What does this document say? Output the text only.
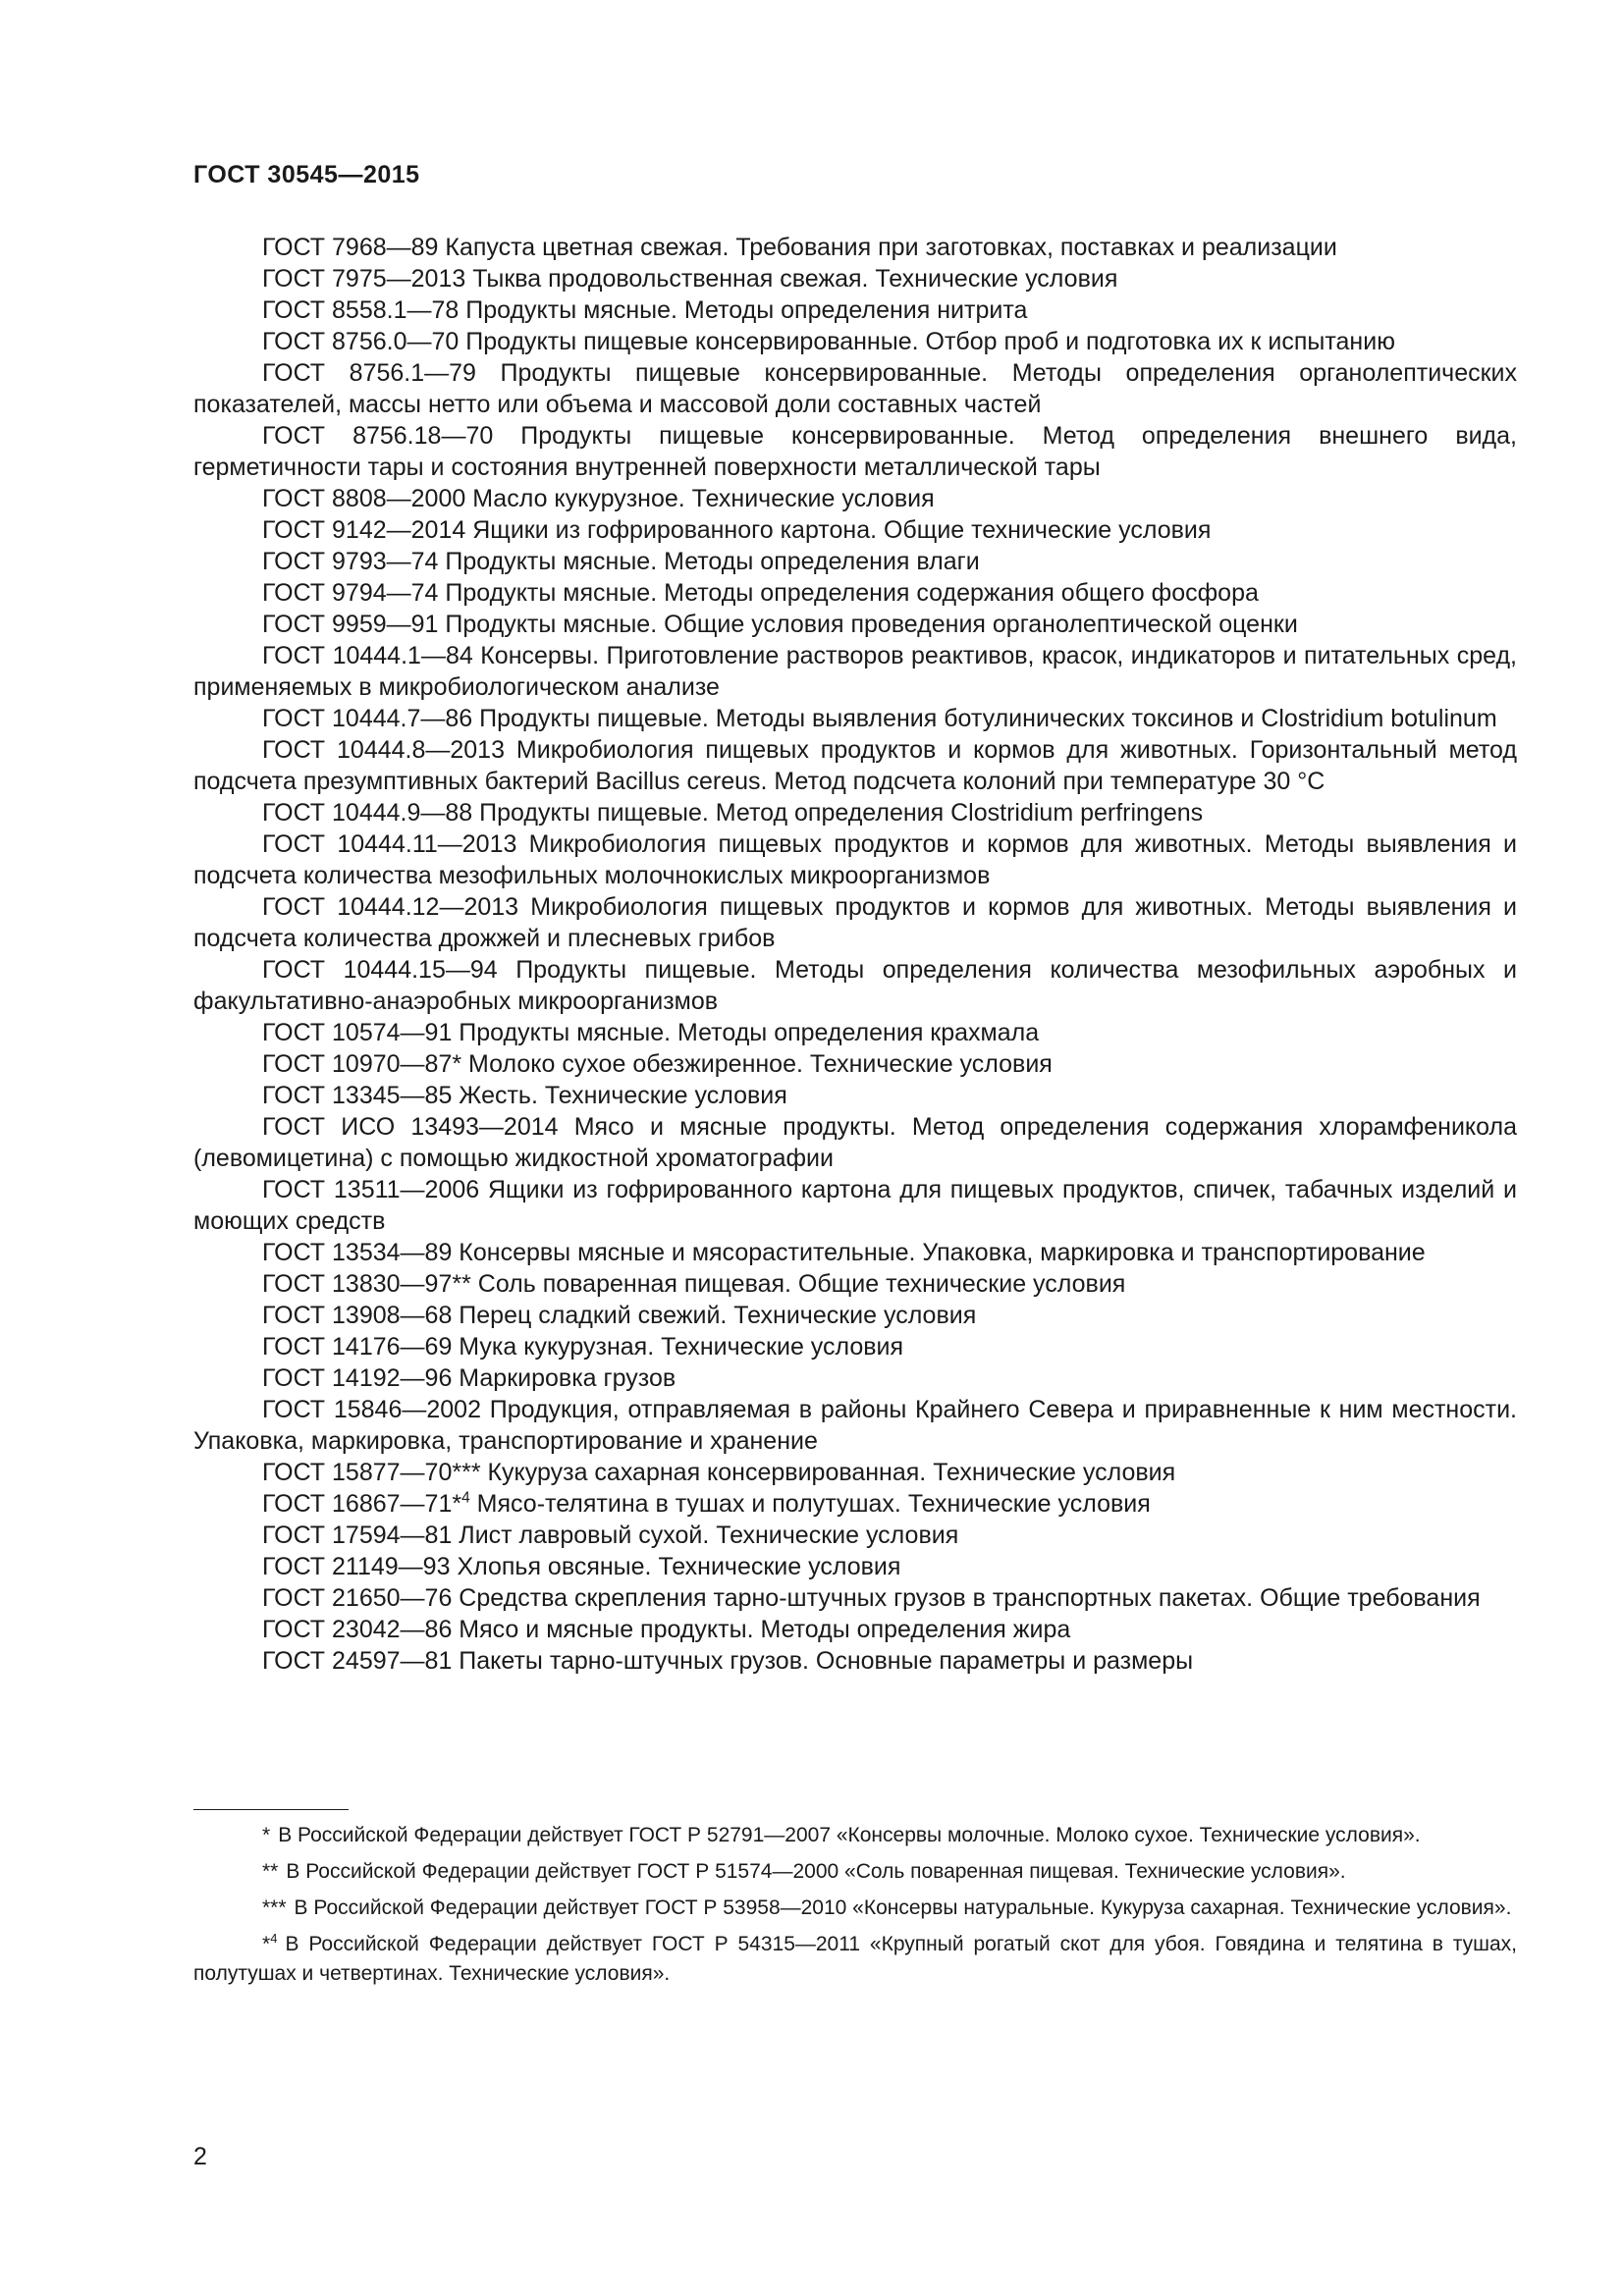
ГОСТ 30545—2015

ГОСТ 7968—89 Капуста цветная свежая. Требования при заготовках, поставках и реализации

ГОСТ 7975—2013 Тыква продовольственная свежая. Технические условия

ГОСТ 8558.1—78 Продукты мясные. Методы определения нитрита

ГОСТ 8756.0—70 Продукты пищевые консервированные. Отбор проб и подготовка их к испытанию

ГОСТ 8756.1—79 Продукты пищевые консервированные. Методы определения органолептических показателей, массы нетто или объема и массовой доли составных частей

ГОСТ 8756.18—70 Продукты пищевые консервированные. Метод определения внешнего вида, герметичности тары и состояния внутренней поверхности металлической тары

ГОСТ 8808—2000 Масло кукурузное. Технические условия

ГОСТ 9142—2014 Ящики из гофрированного картона. Общие технические условия

ГОСТ 9793—74 Продукты мясные. Методы определения влаги

ГОСТ 9794—74 Продукты мясные. Методы определения содержания общего фосфора

ГОСТ 9959—91 Продукты мясные. Общие условия проведения органолептической оценки

ГОСТ 10444.1—84 Консервы. Приготовление растворов реактивов, красок, индикаторов и питательных сред, применяемых в микробиологическом анализе

ГОСТ 10444.7—86 Продукты пищевые. Методы выявления ботулинических токсинов и Clostridium botulinum

ГОСТ 10444.8—2013 Микробиология пищевых продуктов и кормов для животных. Горизонтальный метод подсчета презумптивных бактерий Bacillus cereus. Метод подсчета колоний при температуре 30 °С

ГОСТ 10444.9—88 Продукты пищевые. Метод определения Clostridium perfringens

ГОСТ 10444.11—2013 Микробиология пищевых продуктов и кормов для животных. Методы выявления и подсчета количества мезофильных молочнокислых микроорганизмов

ГОСТ 10444.12—2013 Микробиология пищевых продуктов и кормов для животных. Методы выявления и подсчета количества дрожжей и плесневых грибов

ГОСТ 10444.15—94 Продукты пищевые. Методы определения количества мезофильных аэробных и факультативно-анаэробных микроорганизмов

ГОСТ 10574—91 Продукты мясные. Методы определения крахмала

ГОСТ 10970—87* Молоко сухое обезжиренное. Технические условия

ГОСТ 13345—85 Жесть. Технические условия

ГОСТ ИСО 13493—2014 Мясо и мясные продукты. Метод определения содержания хлорамфеникола (левомицетина) с помощью жидкостной хроматографии

ГОСТ 13511—2006 Ящики из гофрированного картона для пищевых продуктов, спичек, табачных изделий и моющих средств

ГОСТ 13534—89 Консервы мясные и мясорастительные. Упаковка, маркировка и транспортирование

ГОСТ 13830—97** Соль поваренная пищевая. Общие технические условия

ГОСТ 13908—68 Перец сладкий свежий. Технические условия

ГОСТ 14176—69 Мука кукурузная. Технические условия

ГОСТ 14192—96 Маркировка грузов

ГОСТ 15846—2002 Продукция, отправляемая в районы Крайнего Севера и приравненные к ним местности. Упаковка, маркировка, транспортирование и хранение

ГОСТ 15877—70*** Кукуруза сахарная консервированная. Технические условия

ГОСТ 16867—71*$^4$ Мясо-телятина в тушах и полутушах. Технические условия

ГОСТ 17594—81 Лист лавровый сухой. Технические условия

ГОСТ 21149—93 Хлопья овсяные. Технические условия

ГОСТ 21650—76 Средства скрепления тарно-штучных грузов в транспортных пакетах. Общие требования

ГОСТ 23042—86 Мясо и мясные продукты. Методы определения жира

ГОСТ 24597—81 Пакеты тарно-штучных грузов. Основные параметры и размеры

* В Российской Федерации действует ГОСТ Р 52791—2007 «Консервы молочные. Молоко сухое. Технические условия».

** В Российской Федерации действует ГОСТ Р 51574—2000 «Соль поваренная пищевая. Технические условия».

*** В Российской Федерации действует ГОСТ Р 53958—2010 «Консервы натуральные. Кукуруза сахарная. Технические условия».

*$^4$ В Российской Федерации действует ГОСТ Р 54315—2011 «Крупный рогатый скот для убоя. Говядина и телятина в тушах, полутушах и четвертинах. Технические условия».

2
